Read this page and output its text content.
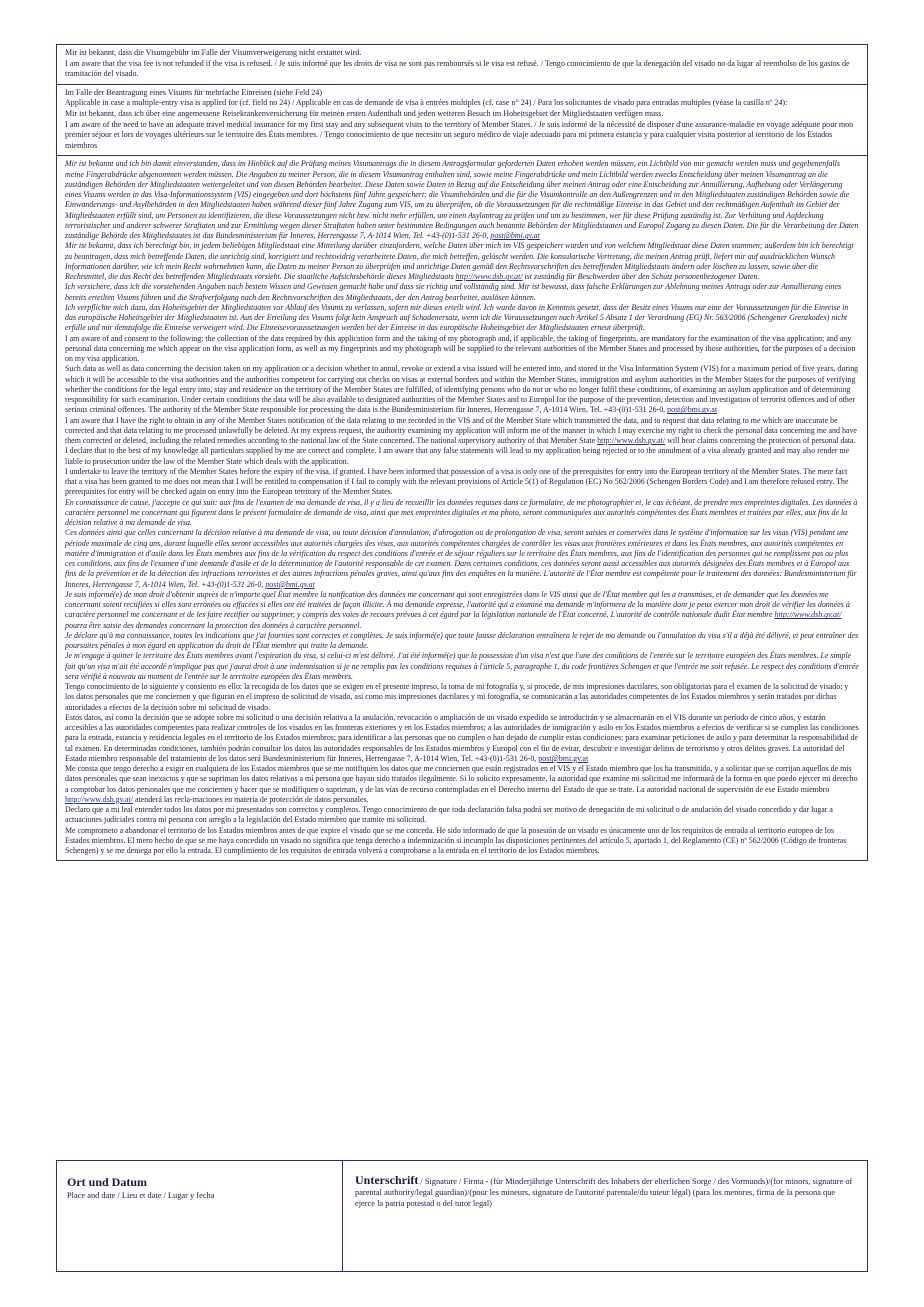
Mir ist bekannt, dass die Visumgebühr im Falle der Visumverweigerung nicht erstattet wird.

I am aware that the visa fee is not refunded if the visa is refused. / Je suis informé que les droits de visa ne sont pas remboursés si le visa est refusé. / Tengo conocimiento de que la denegación del visado no da lugar al reembolso de los gastos de tramitación del visado.

Im Falle der Beantragung eines Visums für mehrfache Einreisen (siehe Feld 24)

Applicable in case a multiple-entry visa is applied for (cf. field no 24) / Applicable en cas de demande de visa à entrées multiples (cf. case n° 24) / Para los solicitantes de visado para entradas multiples (véase la casilla nº 24):

Mir ist bekannt, dass ich über eine angemessene Reisekrankenversicherung für meinen ersten Aufenthalt und jeden weiteren Besuch im Hoheitsgebiet der Mitgliedstaaten verfügen muss.

I am aware of the need to have an adequate travel medical insurance for my first stay and any subsequent visits to the territory of Member States. / Je suis informé de la nécessité de disposer d'une assurance-maladie en voyage adéquate pour mon premier séjour et lors de voyages ultérieurs sur le territoire des États membres. / Tengo conocimiento de que necesito un seguro médico de viaje adecuado para mi primera estancia y para cualquier visita posterior al territorio de los Estados miembros

Mir ist bekannt und ich bin damit einverstanden, dass im Hinblick auf die Prüfung meines Visumantrags die in diesem Antragsformular geforderten Daten erhoben werden müssen, ein Lichtbild von mir gemacht werden muss und gegebenenfalls meine Fingerabdrücke abgenommen werden müssen. Die Angaben zu meiner Person, die in diesem Visumantrag enthalten sind, sowie meine Fingerabdrücke und mein Lichtbild werden zwecks Entscheidung über meinen Visumantrag an die zuständigen Behörden der Mitgliedstaaten weitergeleitet und von diesen Behörden bearbeitet. Diese Daten sowie Daten in Bezug auf die Entscheidung über meinen Antrag oder eine Entscheidung zur Annullierung, Aufhebung oder Verlängerung eines Visums werden in das Visa-Informationssystem (VIS) eingegeben und dort höchstens fünf Jahre gespeichert; die Visumbehörden und die für die Visumkontrolle an den Außengrenzen und in den Mitgliedstaaten zuständigen Behörden sowie die Einwanderungs- und Asylbehörden in den Mitgliedstaaten haben während dieser fünf Jahre Zugang zum VIS, um zu überprüfen, ob die Voraussetzungen für die rechtmäßige Einreise in das Gebiet und den rechtmäßigen Aufenthalt im Gebiet der Mitgliedstaaten erfüllt sind, um Personen zu identifizieren, die diese Voraussetzungen nicht bzw. nicht mehr erfüllen, um einen Asylantrag zu prüfen und um zu bestimmen, wer für diese Prüfung zuständig ist. Zur Verhütung und Aufdeckung terroristischer und anderer schwerer Straftaten und zur Ermittlung wegen dieser Straftaten haben unter bestimmten Bedingungen auch benannte Behörden der Mitgliedstaaten und Europol Zugang zu diesen Daten. Die für die Verarbeitung der Daten zuständige Behörde des Mitgliedstaates ist das Bundesministerium für Inneres, Herrengasse 7, A-1014 Wien, Tel. +43-(0)1-531 26-0, post@bmi.gv.at

Mir ist bekannt, dass ich berechtigt bin, in jedem beliebigen Mitgliedstaat eine Mitteilung darüber einzufordern, welche Daten über mich im VIS gespeichert wurden und von welchem Mitgliedstaat diese Daten stammen; außerdem bin ich berechtigt zu beantragen, dass mich betreffende Daten, die unrichtig sind, korrigiert und rechtswidrig verarbeitete Daten, die mich betreffen, gelöscht werden. Die konsularische Vertretung, die meinen Antrag prüft, liefert mir auf ausdrücklichen Wunsch Informationen darüber, wie ich mein Recht wahrnehmen kann, die Daten zu meiner Person zu überprüfen und unrichtige Daten gemäß den Rechtsvorschriften des betreffenden Mitgliedstaats ändern oder löschen zu lassen, sowie über die Rechtsmittel, die das Recht des betreffenden Mitgliedstaats vorsieht. Die staatliche Aufsichtsbehörde dieses Mitgliedstaats http://www.dsb.gv.at/ ist zuständig für Beschwerden über den Schutz personenbezogener Daten.

Ich versichere, dass ich die vorstehenden Angaben nach bestem Wissen und Gewissen gemacht habe und dass sie richtig und vollständig sind. Mir ist bewusst, dass falsche Erklärungen zur Ablehnung meines Antrags oder zur Annullierung eines bereits erteilten Visums führen und die Strafverfolgung nach den Rechtsvorschriften des Mitgliedstaats, der den Antrag bearbeitet, auslösen können.

Ich verpflichte mich dazu, das Hoheitsgebiet der Mitgliedstaaten vor Ablauf des Visums zu verlassen, sofern mir dieses erteilt wird. Ich wurde davon in Kenntnis gesetzt, dass der Besitz eines Visums nur eine der Voraussetzungen für die Einreise in das europäische Hoheitsgebiet der Mitgliedstaaten ist. Aus der Erteilung des Visums folgt kein Anspruch auf Schadenersatz, wenn ich die Voraussetzungen nach Artikel 5 Absatz 1 der Verordnung (EG) Nr. 563/2006 (Schengener Grenzkodex) nicht erfülle und mir demzufolge die Einreise verweigert wird. Die Einreisevoraussetzungen werden bei der Einreise in das europäische Hoheitsgebiet der Mitgliedstaaten erneut überprüft.

I am aware of and consent to the following: the collection of the data required by this application form and the taking of my photograph and, if applicable, the taking of fingerprints, are mandatory for the examination of the visa application; and any personal data concerning me which appear on the visa application form, as well as my fingerprints and my photograph will be supplied to the relevant authorities of the Member States and processed by those authorities, for the purposes of a decision on my visa application.

Such data as well as data concerning the decision taken on my application or a decision whether to annul, revoke or extend a visa issued will be entered into, and stored in the Visa Information System (VIS) for a maximum period of five years, during which it will be accessible to the visa authorities and the authorities competent for carrying out checks on visas at external borders and within the Member States, immigration and asylum authorities in the Member States for the purposes of verifying whether the conditions for the legal entry into, stay and residence on the territory of the Member States are fulfilled, of identifying persons who do not or who no longer fulfil these conditions, of examining an asylum application and of determining responsibility for such examination. Under certain conditions the data will be also available to designated authorities of the Member States and to Europol for the purpose of the prevention, detection and investigation of terrorist offences and of other serious criminal offences. The authority of the Member State responsible for processing the data is the Bundesministerium für Inneres, Herrengasse 7, A-1014 Wien, Tel. +43-(0)1-531 26-0, post@bmi.gv.at

I am aware that I have the right to obtain in any of the Member States notification of the data relating to me recorded in the VIS and of the Member State which transmitted the data, and to request that data relating to me which are inaccurate be corrected and that data relating to me processed unlawfully be deleted. At my express request, the authority examining my application will inform me of the manner in which I may exercise my right to check the personal data concerning me and have them corrected or deleted, including the related remedies according to the national law of the State concerned. The national supervisory authority of that Member State http://www.dsb.gv.at/ will hear claims concerning the protection of personal data.

I declare that to the best of my knowledge all particulars supplied by me are correct and complete. I am aware that any false statements will lead to my application being rejected or to the annulment of a visa already granted and may also render me liable to prosecution under the law of the Member State which deals with the application.

I undertake to leave the territory of the Member States before the expiry of the visa, if granted. I have been informed that possession of a visa is only one of the prerequisites for entry into the European territory of the Member States. The mere fact that a visa has been granted to me does not mean that I will be entitled to compensation if I fail to comply with the relevant provisions of Article 5(1) of Regulation (EC) No 562/2006 (Schengen Borders Code) and I am therefore refused entry. The prerequisites for entry will be checked again on entry into the European territory of the Member States.

En connaissance de cause, j'accepte ce qui suit: aux fins de l'examen de ma demande de visa, il y a lieu de recueillir les données requises dans ce formulaire, de me photographier et, le cas échéant, de prendre mes empreintes digitales. Les données à caractère personnel me concernant qui figurent dans le présent formulaire de demande de visa, ainsi que mes empreintes digitales et ma photo, seront communiquées aux autorités compétentes des États membres et traitées par elles, aux fins de la décision relative à ma demande de visa.

Ces données ainsi que celles concernant la décision relative à ma demande de visa, ou toute décision d'annulation, d'abrogation ou de prolongation de visa, seront saisies et conservées dans le système d'information sur les visas (VIS) pendant une période maximale de cinq ans, durant laquelle elles seront accessibles aux autorités chargées des visas, aux autorités compétentes chargées de contrôler les visas aux frontières extérieures et dans les États membres, aux autorités compétentes en matière d'immigration et d'asile dans les États membres aux fins de la vérification du respect des conditions d'entrée et de séjour réguliers sur le territoire des États membres, aux fins de l'identification des personnes qui ne remplissent pas ou plus ces conditions, aux fins de l'examen d'une demande d'asile et de la détermination de l'autorité responsable de cet examen. Dans certaines conditions, ces données seront aussi accessibles aux autorités désignées des États membres et à Europol aux fins de la prévention et de la détection des infractions terroristes et des autres infractions pénales graves, ainsi qu'aux fins des enquêtes en la matière. L'autorité de l'État membre est compétente pour le traitement des données: Bundesministerium für Inneres, Herrengasse 7, A-1014 Wien, Tel. +43-(0)1-531 26-0, post@bmi.gv.at

Je suis informé(e) de mon droit d'obtenir auprès de n'importe quel État membre la notification des données me concernant qui sont enregistrées dans le VIS ainsi que de l'État membre qui les a transmises, et de demander que les données me concernant soient rectifiées si elles sont erronées ou effacées si elles ont été traitées de façon illicite. À ma demande expresse, l'autorité qui a examiné ma demande m'informera de la manière dont je peux exercer mon droit de vérifier les données à caractère personnel me concernant et de les faire rectifier ou supprimer, y compris des voies de recours prévues à cet égard par la législation nationale de l'État concerné. L'autorité de contrôle nationale dudit État membre http://www.dsb.gv.at/ pourra être saisie des demandes concernant la protection des données à caractère personnel.

Je déclare qu'à ma connaissance, toutes les indications que j'ai fournies sont correctes et complètes. Je suis informé(e) que toute fausse déclaration entraînera le rejet de ma demande ou l'annulation du visa s'il a déjà été délivré, et peut entraîner des poursuites pénales à mon égard en application du droit de l'État membre qui traite la demande.

Je m'engage à quitter le territoire des États membres avant l'expiration du visa, si celui-ci m'est délivré. J'ai été informé(e) que la possession d'un visa n'est que l'une des conditions de l'entrée sur le territoire européen des États membres. Le simple fait qu'un visa m'ait été accordé n'implique pas que j'aurai droit à une indemnisation si je ne remplis pas les conditions requises à l'article 5, paragraphe 1, du code frontières Schengen et que l'entrée me soit refusée. Le respect des conditions d'entrée sera vérifié à nouveau au moment de l'entrée sur le territoire européen des États membres.

Tengo conocimiento de lo siguiente y consiento en ello: la recogida de los datos que se exigen en el presente impreso, la toma de mi fotografía y, si procede, de mis impresiones dactilares, son obligatorias para el examen de la solicitud de visado; y los datos personales que me conciernen y que figuran en el impreso de solicitud de visado, así como mis impresiones dactilares y mi fotografía, se comunicarán a las autoridades competentes de los Estados miembros y serán tratados por dichas autoridades a efectos de la decisión sobre mi solicitud de visado.

Estos datos, así como la decisión que se adopte sobre mi solicitud o una decisión relativa a la anulación, revocación o ampliación de un visado expedido se introducirán y se almacenarán en el VIS durante un período de cinco años, y estarán accesibles a las autoridades competentes para realizar controles de los visados en las fronteras exteriores y en los Estados miembros; a las autoridades de inmigración y asilo en los Estados miembros a efectos de verificar si se cumplen las condiciones para la entrada, estancia y residencia legales en el territorio de los Estados miembros; para identificar a las personas que no cumplen o han dejado de cumplir estas condiciones; para examinar peticiones de asilo y para determinar la responsabilidad de tal examen. En determinadas condiciones, también podrán consultar los datos las autoridades responsables de los Estados miembros y Europol con el fin de evitar, descubrir e investigar delitos de terrorismo y otros delitos graves. La autoridad del Estado miembro responsable del tratamiento de los datos será Bundesministerium für Inneres, Herrengasse 7, A-1014 Wien, Tel. +43-(0)1-531 26-0, post@bmi.gv.at

Me consta que tengo derecho a exigir en cualquiera de los Estados miembros que se me notifiquen los datos que me conciernen que están registrados en el VIS y el Estado miembro que los ha transmitido, y a solicitar que se corrijan aquellos de mis datos personales que sean inexactos y que se supriman los datos relativos a mí persona que hayan sido tratados ilegalmente. Si lo solicito expresamente, la autoridad que examine mi solicitud me informará de la forma en que puedo ejercer mi derecho a comprobar los datos personales que me conciernen y hacer que se modifiquen o supriman, y de las vías de recurso contempladas en el Derecho interno del Estado de que se trate. La autoridad nacional de supervisión de ese Estado miembro http://www.dsb.gv.at/ atenderá las recla-maciones en materia de protección de datos personales.

Declaro que a mi leal entender todos los datos por mí presentados son correctos y completos. Tengo conocimiento de que toda declaración falsa podrá ser motivo de denegación de mi solicitud o de anulación del visado concedido y dar lugar a actuaciones judiciales contra mi persona con arreglo a la legislación del Estado miembro que tramite mi solicitud.

Me comprometo a abandonar el territorio de los Estados miembros antes de que expire el visado que se me conceda. He sido informado de que la posesión de un visado es únicamente uno de los requisitos de entrada al territorio europeo de los Estados miembros. El mero hecho de que se me haya concedido un visado no significa que tenga derecho a indemnización si incumplo las disposiciones pertinentes del artículo 5, apartado 1, del Reglamento (CE) nº 562/2006 (Código de fronteras Schengen) y se me deniega por ello la entrada. El cumplimiento de los requisitos de entrada volverá a comprobarse a la entrada en el territorio de los Estados miembros.

Ort und Datum
Place and date / Lieu et date / Lugar y fecha
Unterschrift / Signature / Firma - (für Minderjährige Unterschrift des Inhabers der elterlichen Sorge / des Vormunds)/(for minors, signature of parental authority/legal guardian)/(pour les mineurs, signature de l'autorité parentale/du tuteur légal) (para los menores, firma de la persona que ejerce la patria potestad o del tutor legal)
